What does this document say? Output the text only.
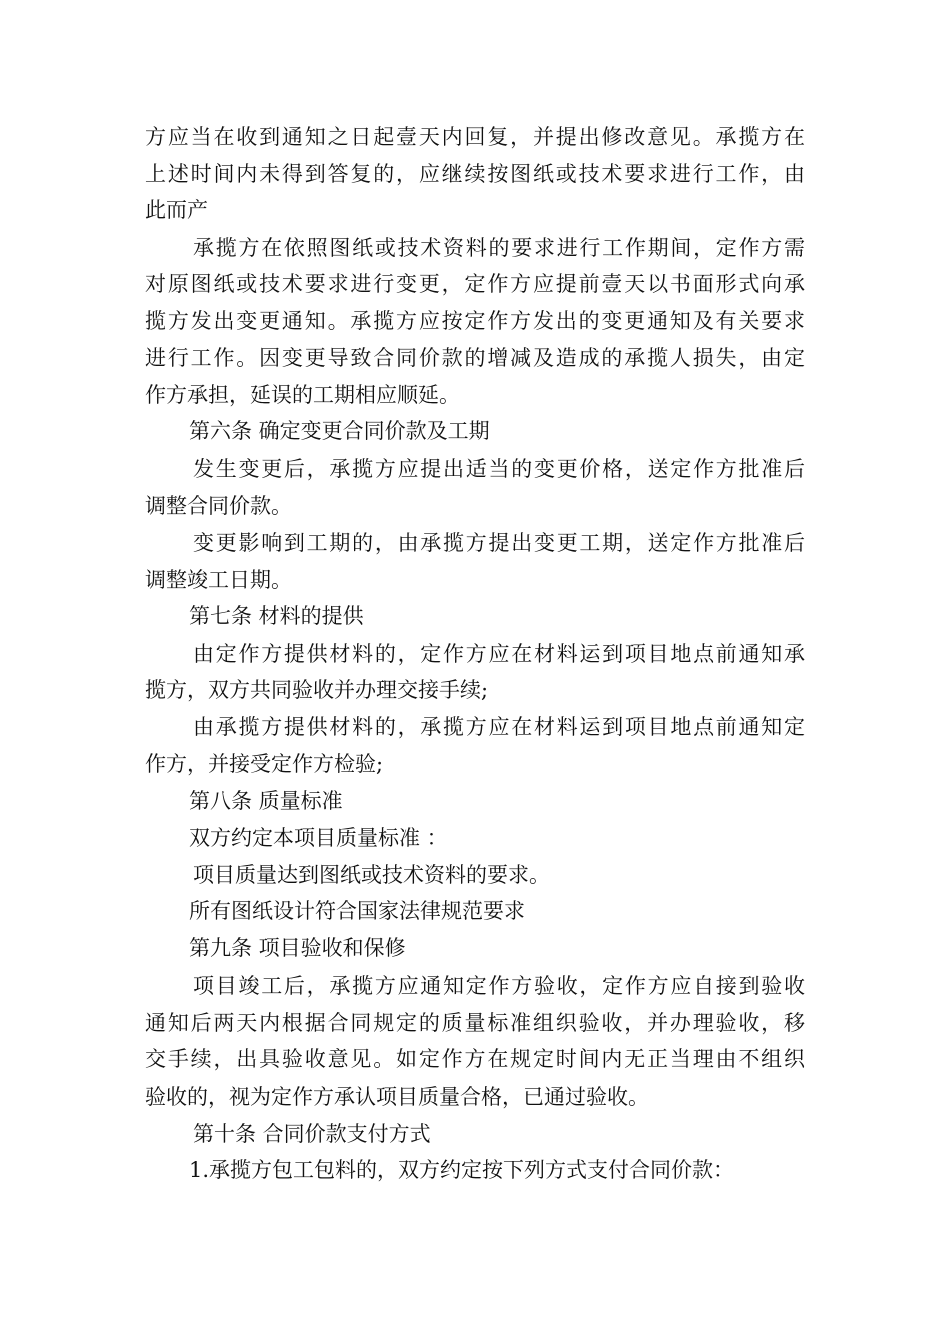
方应当在收到通知之日起壹天内回复，并提出修改意见。承揽方在
上述时间内未得到答复的，应继续按图纸或技术要求进行工作，由
此而产
承揽方在依照图纸或技术资料的要求进行工作期间，定作方需
对原图纸或技术要求进行变更，定作方应提前壹天以书面形式向承
揽方发出变更通知。承揽方应按定作方发出的变更通知及有关要求
进行工作。因变更导致合同价款的增减及造成的承揽人损失，由定
作方承担，延误的工期相应顺延。
第六条 确定变更合同价款及工期
发生变更后，承揽方应提出适当的变更价格，送定作方批准后
调整合同价款。
变更影响到工期的，由承揽方提出变更工期，送定作方批准后
调整竣工日期。
第七条 材料的提供
由定作方提供材料的，定作方应在材料运到项目地点前通知承
揽方，双方共同验收并办理交接手续;
由承揽方提供材料的，承揽方应在材料运到项目地点前通知定
作方，并接受定作方检验;
第八条 质量标准
双方约定本项目质量标准 ：
项目质量达到图纸或技术资料的要求。
所有图纸设计符合国家法律规范要求
第九条 项目验收和保修
项目竣工后，承揽方应通知定作方验收，定作方应自接到验收
通知后两天内根据合同规定的质量标准组织验收，并办理验收，移
交手续，出具验收意见。如定作方在规定时间内无正当理由不组织
验收的，视为定作方承认项目质量合格，已通过验收。
第十条 合同价款支付方式
1.承揽方包工包料的，双方约定按下列方式支付合同价款：
